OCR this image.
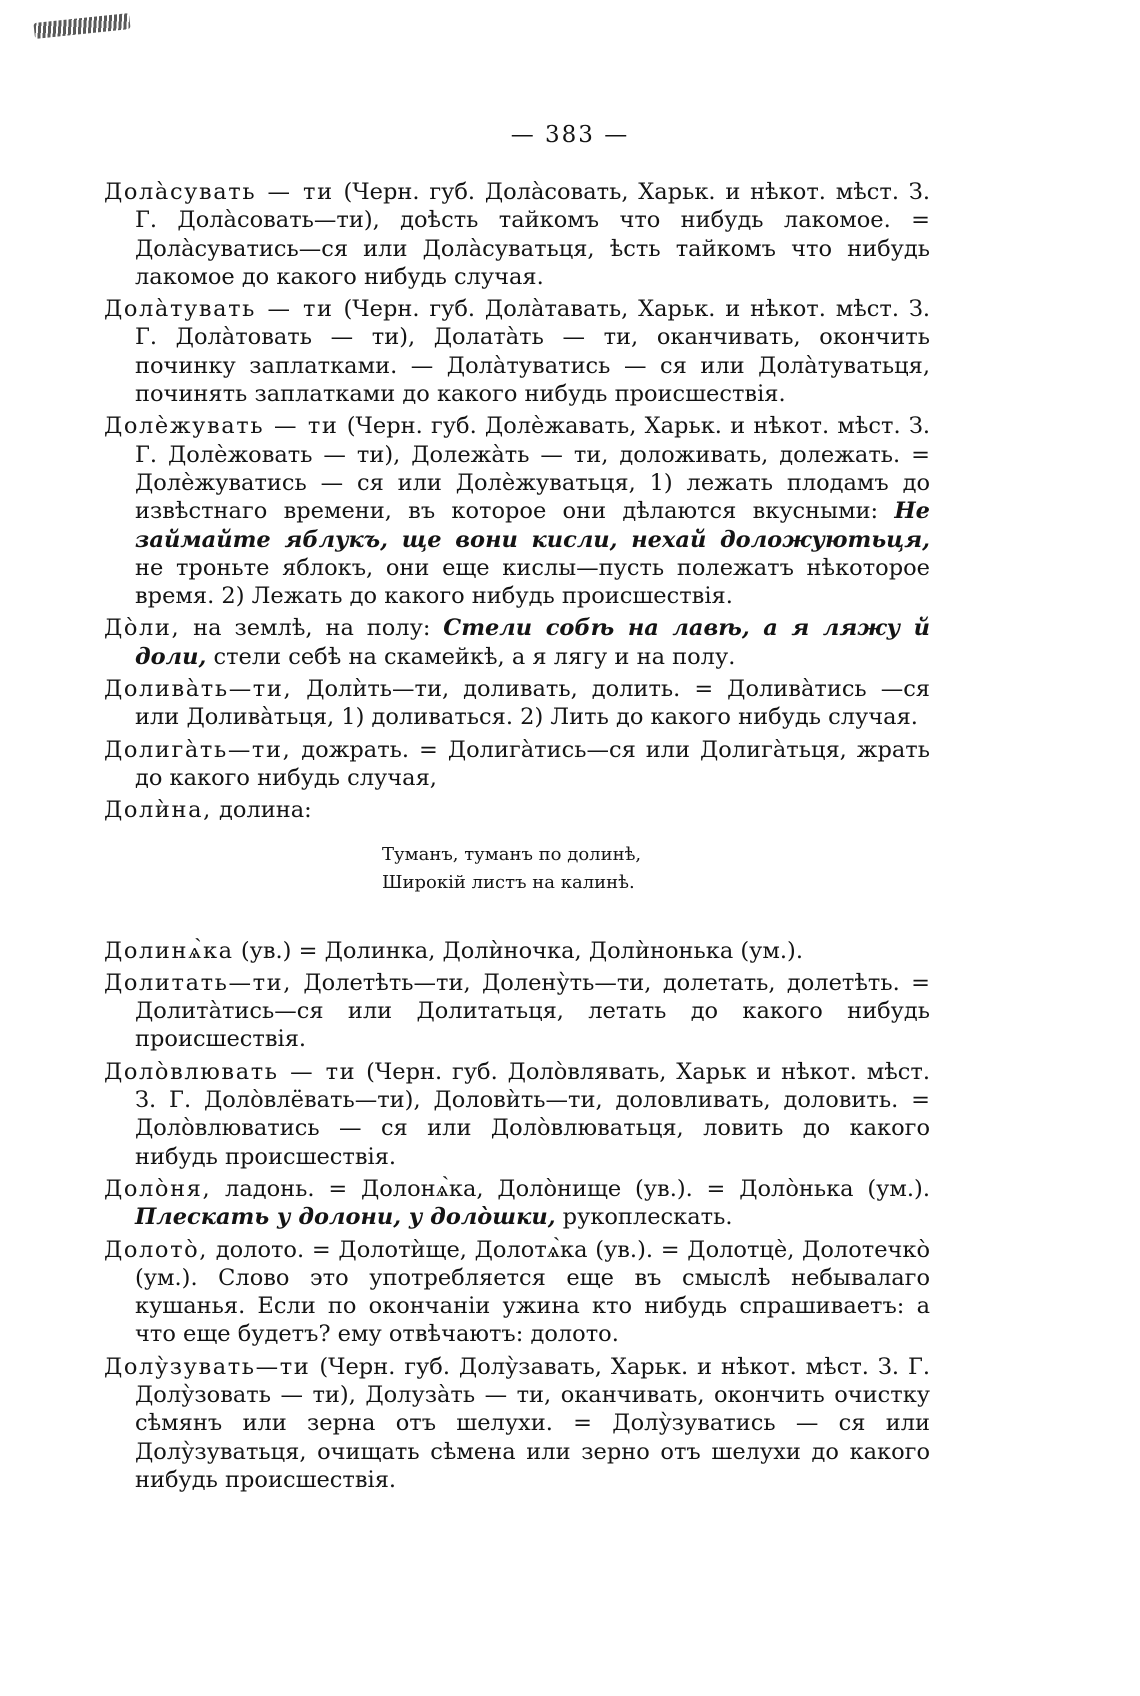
— 383 —

Долàсувать — ти (Черн. губ. Долàсовать, Харьк. и нѣкот. мѣст. З. Г. Долàсовать—ти), доѣсть тайкомъ что нибудь лакомое. = Долàсуватись—ся или Долàсуватьця, ѣсть тайкомъ что нибудь лакомое до какого нибудь случая.

Долàтувать — ти (Черн. губ. Долàтавать, Харьк. и нѣкот. мѣст. З. Г. Долàтовать — ти), Долатàть — ти, оканчивать, окончить починку заплатками. — Долàтуватись — ся или Долàтуватьця, починять заплатками до какого нибудь происшествія.

Долѐжувать — ти (Черн. губ. Долѐжавать, Харьк. и нѣкот. мѣст. З. Г. Долѐжовать — ти), Долежàть — ти, доложивать, долежать. = Долѐжуватись — ся или Долѐжуватьця, 1) лежать плодамъ до извѣстнаго времени, въ которое они дѣлаются вкусными: Не займайте яблукъ, ще вони кисли, нехай доложуютьця, не троньте яблокъ, они еще кислы—пусть полежатъ нѣкоторое время. 2) Лежать до какого нибудь происшествія.

Дòли, на землѣ, на полу: Стели собѣ на лавѣ, а я ляжу й доли, стели себѣ на скамейкѣ, а я лягу и на полу.

Доливàть—ти, Долѝть—ти, доливать, долить. = Доливàтись —ся или Доливàтьця, 1) доливаться. 2) Лить до какого нибудь случая.

Долигàть—ти, дожрать. = Долигàтись—ся или Долигàтьця, жрать до какого нибудь случая,

Долѝна, долина:

Туманъ, туманъ по долинѣ,
Широкій листъ на калинѣ.

Долинѧ̀ка (ув.) = Долинка, Долѝночка, Долѝнонька (ум.).

Долитать—ти, Долетѣть—ти, Долену̀ть—ти, долетать, долетѣть. = Долитàтись—ся или Долитатьця, летать до какого нибудь происшествія.

Долòвлювать — ти (Черн. губ. Долòвлявать, Харьк и нѣкот. мѣст. З. Г. Долòвлёвать—ти), Доловѝть—ти, доловливать, доловить. = Долòвлюватись — ся или Долòвлюватьця, ловить до какого нибудь происшествія.

Долòня, ладонь. = Долонѧ̀ка, Долòнище (ув.). = Долòнька (ум.). Плескать у долони, у долòшки, рукоплескать.

Долотò, долото. = Долотѝще, Долотѧ̀ка (ув.). = Долотцѐ, Долотечкò (ум.). Слово это употребляется еще въ смыслѣ небывалаго кушанья. Если по окончаніи ужина кто нибудь спрашиваетъ: а что еще будетъ? ему отвѣчаютъ: долото.

Долу̀зувать—ти (Черн. губ. Долу̀завать, Харьк. и нѣкот. мѣст. З. Г. Долу̀зовать — ти), Долузàть — ти, оканчивать, окончить очистку сѣмянъ или зерна отъ шелухи. = Долу̀зуватись — ся или Долу̀зуватьця, очищать сѣмена или зерно отъ шелухи до какого нибудь происшествія.
